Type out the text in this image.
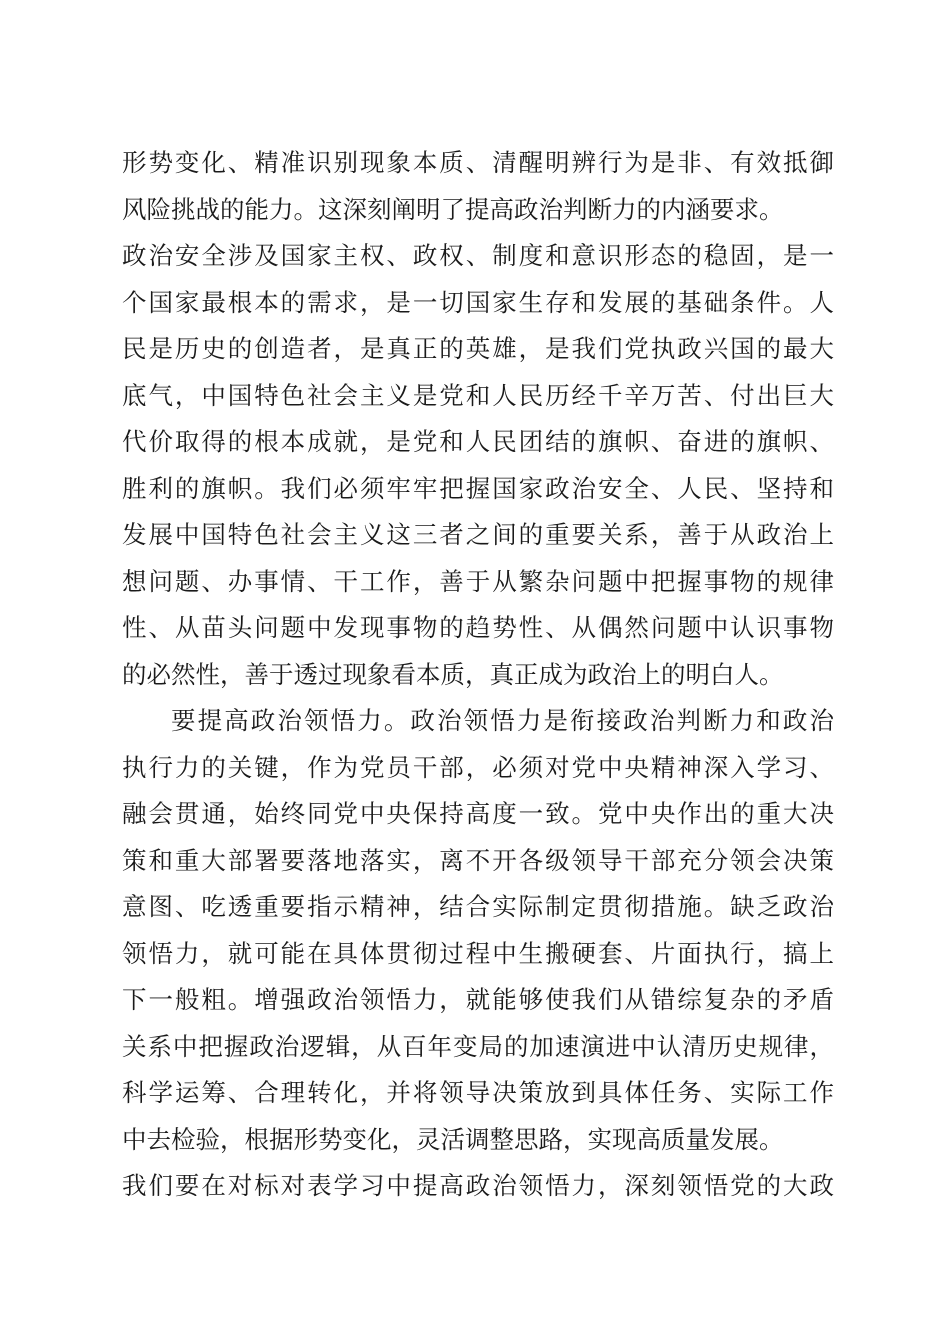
形势变化、精准识别现象本质、清醒明辨行为是非、有效抵御
风险挑战的能力。这深刻阐明了提高政治判断力的内涵要求。
政治安全涉及国家主权、政权、制度和意识形态的稳固，是一
个国家最根本的需求，是一切国家生存和发展的基础条件。人
民是历史的创造者，是真正的英雄，是我们党执政兴国的最大
底气，中国特色社会主义是党和人民历经千辛万苦、付出巨大
代价取得的根本成就，是党和人民团结的旗帜、奋进的旗帜、
胜利的旗帜。我们必须牢牢把握国家政治安全、人民、坚持和
发展中国特色社会主义这三者之间的重要关系，善于从政治上
想问题、办事情、干工作，善于从繁杂问题中把握事物的规律
性、从苗头问题中发现事物的趋势性、从偶然问题中认识事物
的必然性，善于透过现象看本质，真正成为政治上的明白人。
要提高政治领悟力。政治领悟力是衔接政治判断力和政治
执行力的关键，作为党员干部，必须对党中央精神深入学习、
融会贯通，始终同党中央保持高度一致。党中央作出的重大决
策和重大部署要落地落实，离不开各级领导干部充分领会决策
意图、吃透重要指示精神，结合实际制定贯彻措施。缺乏政治
领悟力，就可能在具体贯彻过程中生搬硬套、片面执行，搞上
下一般粗。增强政治领悟力，就能够使我们从错综复杂的矛盾
关系中把握政治逻辑，从百年变局的加速演进中认清历史规律，
科学运筹、合理转化，并将领导决策放到具体任务、实际工作
中去检验，根据形势变化，灵活调整思路，实现高质量发展。
我们要在对标对表学习中提高政治领悟力，深刻领悟党的大政
